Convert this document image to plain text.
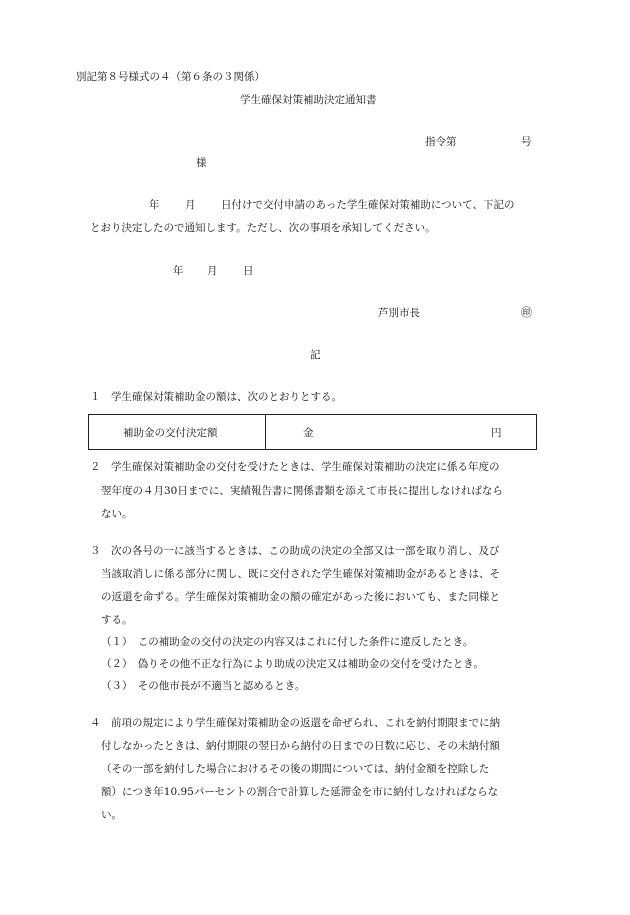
別記第８号様式の４（第６条の３関係）
学生確保対策補助決定通知書
指令第	号
様
年 月 日付けで交付申請のあった学生確保対策補助について、下記の
とおり決定したので通知します。ただし、次の事項を承知してください。
年 月 日
芦別市長	㊞
記
１　学生確保対策補助金の額は、次のとおりとする。
補助金の交付決定額	金	円
２　学生確保対策補助金の交付を受けたときは、学生確保対策補助の決定に係る年度の
翌年度の４月30日までに、実績報告書に関係書類を添えて市長に提出しなければなら
ない。
３　次の各号の一に該当するときは、この助成の決定の全部又は一部を取り消し、及び
当該取消しに係る部分に関し、既に交付された学生確保対策補助金があるときは、そ
の返還を命ずる。学生確保対策補助金の額の確定があった後においても、また同様と
する。
（１）　この補助金の交付の決定の内容又はこれに付した条件に違反したとき。
（２）　偽りその他不正な行為により助成の決定又は補助金の交付を受けたとき。
（３）　その他市長が不適当と認めるとき。
４　前項の規定により学生確保対策補助金の返還を命ぜられ、これを納付期限までに納
付しなかったときは、納付期限の翌日から納付の日までの日数に応じ、その未納付額
（その一部を納付した場合におけるその後の期間については、納付金額を控除した
額）につき年10.95パーセントの割合で計算した延滞金を市に納付しなければならな
い。
